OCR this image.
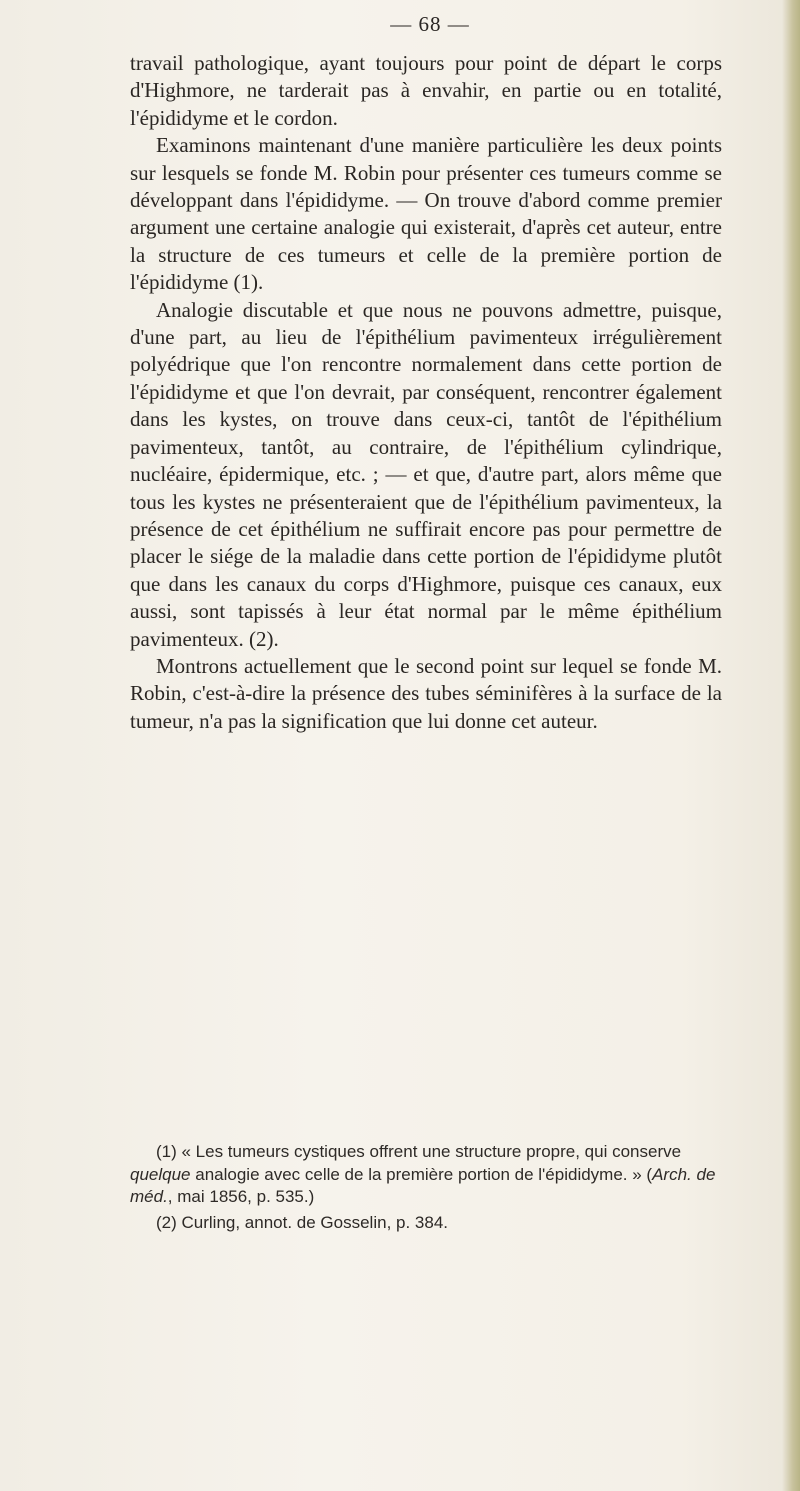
— 68 —

travail pathologique, ayant toujours pour point de départ le corps d'Highmore, ne tarderait pas à envahir, en partie ou en totalité, l'épididyme et le cordon.

Examinons maintenant d'une manière particulière les deux points sur lesquels se fonde M. Robin pour présenter ces tumeurs comme se développant dans l'épididyme. — On trouve d'abord comme premier argument une certaine analogie qui existerait, d'après cet auteur, entre la structure de ces tumeurs et celle de la première portion de l'épididyme (1).

Analogie discutable et que nous ne pouvons admettre, puisque, d'une part, au lieu de l'épithélium pavimenteux irrégulièrement polyédrique que l'on rencontre normalement dans cette portion de l'épididyme et que l'on devrait, par conséquent, rencontrer également dans les kystes, on trouve dans ceux-ci, tantôt de l'épithélium pavimenteux, tantôt, au contraire, de l'épithélium cylindrique, nucléaire, épidermique, etc. ; — et que, d'autre part, alors même que tous les kystes ne présenteraient que de l'épithélium pavimenteux, la présence de cet épithélium ne suffirait encore pas pour permettre de placer le siége de la maladie dans cette portion de l'épididyme plutôt que dans les canaux du corps d'Highmore, puisque ces canaux, eux aussi, sont tapissés à leur état normal par le même épithélium pavimenteux. (2).

Montrons actuellement que le second point sur lequel se fonde M. Robin, c'est-à-dire la présence des tubes séminifères à la surface de la tumeur, n'a pas la signification que lui donne cet auteur.

(1) « Les tumeurs cystiques offrent une structure propre, qui conserve quelque analogie avec celle de la première portion de l'épididyme. » (Arch. de méd., mai 1856, p. 535.)

(2) Curling, annot. de Gosselin, p. 384.
